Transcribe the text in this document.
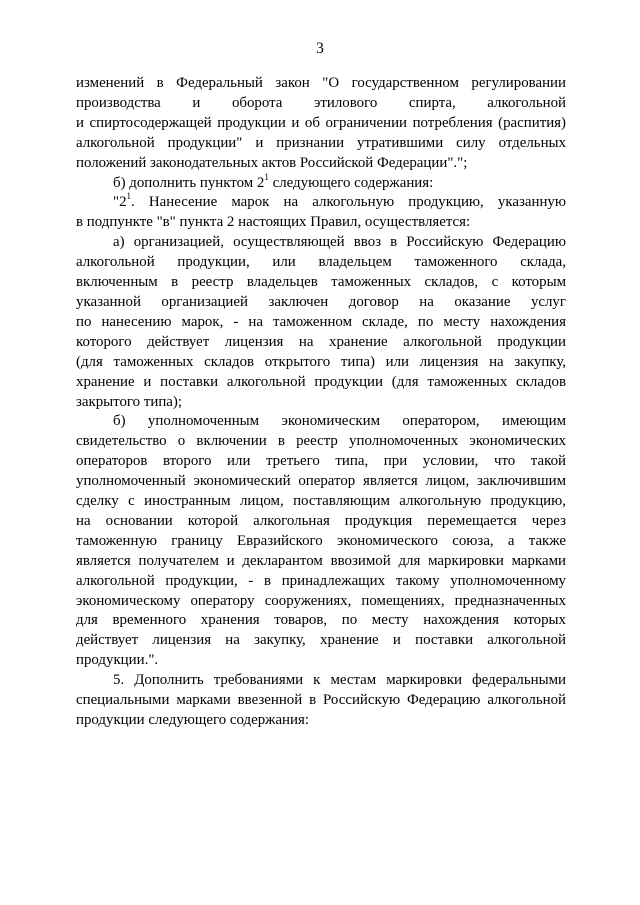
3

изменений в Федеральный закон "О государственном регулировании

производства и оборота этилового спирта, алкогольной

и спиртосодержащей продукции и об ограничении потребления (распития)

алкогольной продукции" и признании утратившими силу отдельных

положений законодательных актов Российской Федерации".";

б) дополнить пунктом $2^1$ следующего содержания:

"$2^1$. Нанесение марок на алкогольную продукцию, указанную

в подпункте "в" пункта 2 настоящих Правил, осуществляется:

а) организацией, осуществляющей ввоз в Российскую Федерацию

алкогольной продукции, или владельцем таможенного склада,

включенным в реестр владельцев таможенных складов, с которым

указанной организацией заключен договор на оказание услуг

по нанесению марок, - на таможенном складе, по месту нахождения

которого действует лицензия на хранение алкогольной продукции

(для таможенных складов открытого типа) или лицензия на закупку,

хранение и поставки алкогольной продукции (для таможенных складов

закрытого типа);

б) уполномоченным экономическим оператором, имеющим

свидетельство о включении в реестр уполномоченных экономических

операторов второго или третьего типа, при условии, что такой

уполномоченный экономический оператор является лицом, заключившим

сделку с иностранным лицом, поставляющим алкогольную продукцию,

на основании которой алкогольная продукция перемещается через

таможенную границу Евразийского экономического союза, а также

является получателем и декларантом ввозимой для маркировки марками

алкогольной продукции, - в принадлежащих такому уполномоченному

экономическому оператору сооружениях, помещениях, предназначенных

для временного хранения товаров, по месту нахождения которых

действует лицензия на закупку, хранение и поставки алкогольной

продукции.".

5. Дополнить требованиями к местам маркировки федеральными

специальными марками ввезенной в Российскую Федерацию алкогольной

продукции следующего содержания:
